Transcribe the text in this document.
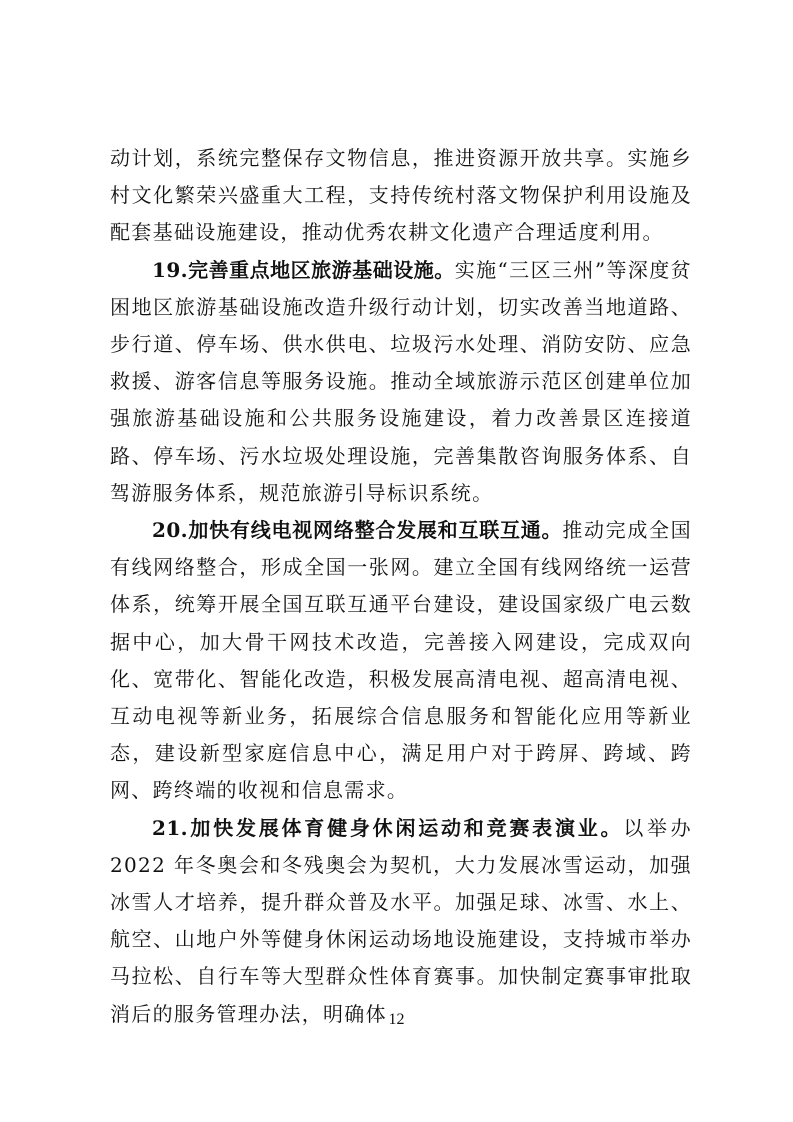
动计划，系统完整保存文物信息，推进资源开放共享。实施乡村文化繁荣兴盛重大工程，支持传统村落文物保护利用设施及配套基础设施建设，推动优秀农耕文化遗产合理适度利用。

19.完善重点地区旅游基础设施。实施“三区三州”等深度贫困地区旅游基础设施改造升级行动计划，切实改善当地道路、步行道、停车场、供水供电、垃圾污水处理、消防安防、应急救援、游客信息等服务设施。推动全域旅游示范区创建单位加强旅游基础设施和公共服务设施建设，着力改善景区连接道路、停车场、污水垃圾处理设施，完善集散咨询服务体系、自驾游服务体系，规范旅游引导标识系统。

20.加快有线电视网络整合发展和互联互通。推动完成全国有线网络整合，形成全国一张网。建立全国有线网络统一运营体系，统筹开展全国互联互通平台建设，建设国家级广电云数据中心，加大骨干网技术改造，完善接入网建设，完成双向化、宽带化、智能化改造，积极发展高清电视、超高清电视、互动电视等新业务，拓展综合信息服务和智能化应用等新业态，建设新型家庭信息中心，满足用户对于跨屏、跨域、跨网、跨终端的收视和信息需求。

21.加快发展体育健身休闲运动和竞赛表演业。以举办 2022 年冬奥会和冬残奥会为契机，大力发展冰雪运动，加强冰雪人才培养，提升群众普及水平。加强足球、冰雪、水上、航空、山地户外等健身休闲运动场地设施建设，支持城市举办马拉松、自行车等大型群众性体育赛事。加快制定赛事审批取消后的服务管理办法，明确体 12
